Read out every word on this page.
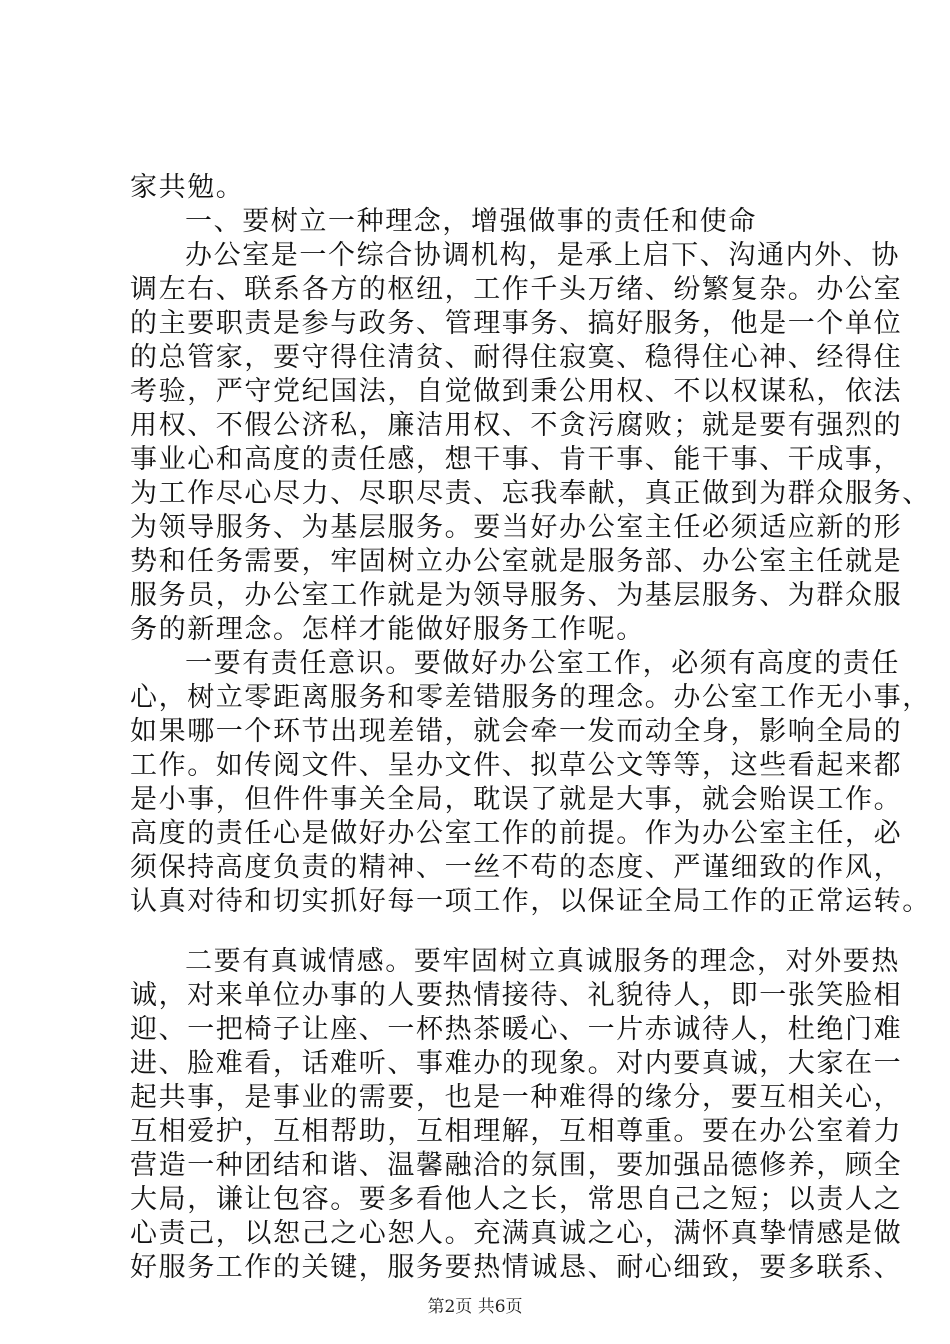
家共勉。
一、要树立一种理念，增强做事的责任和使命
办公室是一个综合协调机构，是承上启下、沟通内外、协
调左右、联系各方的枢纽，工作千头万绪、纷繁复杂。办公室
的主要职责是参与政务、管理事务、搞好服务，他是一个单位
的总管家，要守得住清贫、耐得住寂寞、稳得住心神、经得住
考验，严守党纪国法，自觉做到秉公用权、不以权谋私，依法
用权、不假公济私，廉洁用权、不贪污腐败；就是要有强烈的
事业心和高度的责任感，想干事、肯干事、能干事、干成事，
为工作尽心尽力、尽职尽责、忘我奉献，真正做到为群众服务、
为领导服务、为基层服务。要当好办公室主任必须适应新的形
势和任务需要，牢固树立办公室就是服务部、办公室主任就是
服务员，办公室工作就是为领导服务、为基层服务、为群众服
务的新理念。怎样才能做好服务工作呢。
一要有责任意识。要做好办公室工作，必须有高度的责任
心，树立零距离服务和零差错服务的理念。办公室工作无小事，
如果哪一个环节出现差错，就会牵一发而动全身，影响全局的
工作。如传阅文件、呈办文件、拟草公文等等，这些看起来都
是小事，但件件事关全局，耽误了就是大事，就会贻误工作。
高度的责任心是做好办公室工作的前提。作为办公室主任，必
须保持高度负责的精神、一丝不苟的态度、严谨细致的作风，
认真对待和切实抓好每一项工作，以保证全局工作的正常运转。
二要有真诚情感。要牢固树立真诚服务的理念，对外要热
诚，对来单位办事的人要热情接待、礼貌待人，即一张笑脸相
迎、一把椅子让座、一杯热茶暖心、一片赤诚待人，杜绝门难
进、脸难看，话难听、事难办的现象。对内要真诚，大家在一
起共事，是事业的需要，也是一种难得的缘分，要互相关心，
互相爱护，互相帮助，互相理解，互相尊重。要在办公室着力
营造一种团结和谐、温馨融洽的氛围，要加强品德修养，顾全
大局，谦让包容。要多看他人之长，常思自己之短；以责人之
心责己，以恕己之心恕人。充满真诚之心，满怀真挚情感是做
好服务工作的关键，服务要热情诚恳、耐心细致，要多联系、
第2页 共6页
